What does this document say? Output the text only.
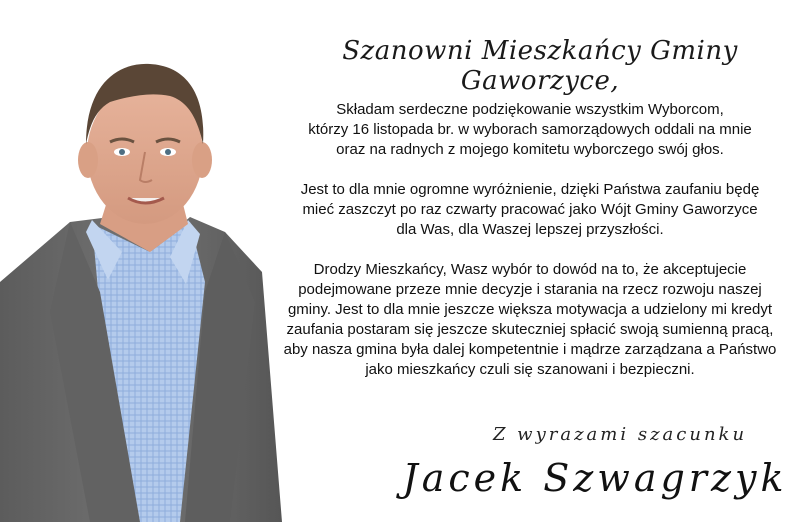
Szanowni Mieszkańcy Gminy Gaworzyce,

Składam serdeczne podziękowanie wszystkim Wyborcom,
którzy 16 listopada br. w wyborach samorządowych oddali na mnie
oraz na radnych z mojego komitetu wyborczego swój głos.

Jest to dla mnie ogromne wyróżnienie, dzięki Państwa zaufaniu będę
mieć zaszczyt po raz czwarty pracować jako Wójt Gminy Gaworzyce
dla Was, dla Waszej lepszej przyszłości.

Drodzy Mieszkańcy, Wasz wybór to dowód na to, że akceptujecie
podejmowane przeze mnie decyzje i starania na rzecz rozwoju naszej
gminy. Jest to dla mnie jeszcze większa motywacja a udzielony mi kredyt
zaufania postaram się jeszcze skuteczniej spłacić swoją sumienną pracą,
aby nasza gmina była dalej kompetentnie i mądrze zarządzana a Państwo
jako mieszkańcy czuli się szanowani i bezpieczni.

Z wyrazami szacunku
Jacek Szwagrzyk
